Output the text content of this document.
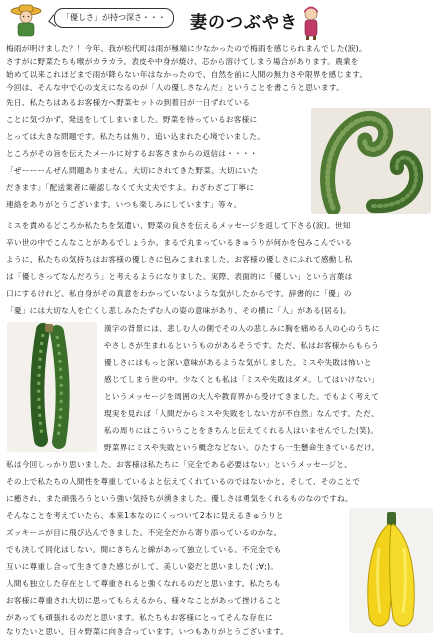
「優しさ」が持つ深さ・・・	妻のつぶやき
梅雨が明けました？！今年、我が松代町は雨が極端に少なかったので梅雨を感じられまんでした(涙)。
さすがに野菜たちも喉がカラカラ。表皮や中身が焼け、芯から溶けてしまう場合があります。農業を
始めて以来これほどまで雨が降らない年はなかったので、自然を前に人間の無力さや限界を感じます。
今回は、そんな中で心の支えになるのが「人の優しさなんだ」ということを書こうと思います。
先日、私たちはあるお客様方へ野菜セットの到着日が一日ずれている
ことに気づかず、発送をしてしまいました。野菜を待っているお客様に
とっては大きな問題です。私たちは焦り、追い込まれた心境でいました。
ところがその旨を伝えたメールに対するお客さまからの返信は・・・・
「ぜーーーんぜん問題ありません。大切にされてきた野菜、大切にいた
だきます」「配送業者に確認しなくて大丈夫ですよ。わざわざご丁寧に
連絡をありがとうございます。いつも楽しみにしています」等々。
ミスを責めるどころか私たちを気遣い、野菜の良さを伝えるメッセージを返して下さる(涙)。世知
辛い世の中でこんなことがあるでしょうか。まるで丸まっているきゅうりが何かを包みこんでいる
ように、私たちの気持ちはお客様の優しさに包みこまれました。お客様の優しさにふれて感動し私
は「優しさってなんだろう」と考えるようになりました。実際、表面的に「優しい」という言葉は
口にするけれど、私自身がその真意をわかっていないような気がしたからです。辞書的に「優」の
「憂」には大切な人を亡くし悲しみたたずむ人の姿の意味があり、その横に「人」がある(居る)。
漢字の背景には、悲しむ人の側でその人の悲しみに胸を痛める人の心のうちに
やさしさが生まれるというものがあるそうです。ただ、私はお客様からもらう
優しさにはもっと深い意味があるような気がしました。ミスや失敗は怖いと
感じてしまう世の中。少なくとも私は「ミスや失敗はダメ。してはいけない」
というメッセージを周囲の大人や教育界から受けてきました。でもよく考えて
現実を見れば「人間だからミスや失敗をしない方が不自然」なんです。ただ、
私の周りにはこういうことをきちんと伝えてくれる人はいませんでした(笑)。
野菜界にミスや失敗という概念などない。ひたすら一生懸命生きているだけ。
私は今回しっかり思いました。お客様は私たちに「完全である必要はない」というメッセージと、
その上で私たちの人間性を尊重しているよと伝えてくれているのではないかと。そして、そのことで
に癒され、また頑張ろうという強い気持ちが湧きました。優しさは勇気をくれるものなのですね。
そんなことを考えていたら、本来1本なのにくっついて2本に見えるきゅうりと
ズッキーニが目に飛び込んできました。不完全だから寄り添っているのかな。
でも決して同化はしない。間にきちんと線があって独立している。不完全でも
互いに尊重し合って生きてきた感じがして、美しい姿だと思いました( ;∀;)。
人間も独立した存在として尊重されると強くなれるのだと思います。私たちも
お客様に尊重され大切に思ってもらえるから、様々なことがあって挫けること
があっても頑張れるのだと思います。私たちもお客様にとってそんな存在に
なりたいと思い、日々野菜に向き合っています。いつもありがとうございます。
